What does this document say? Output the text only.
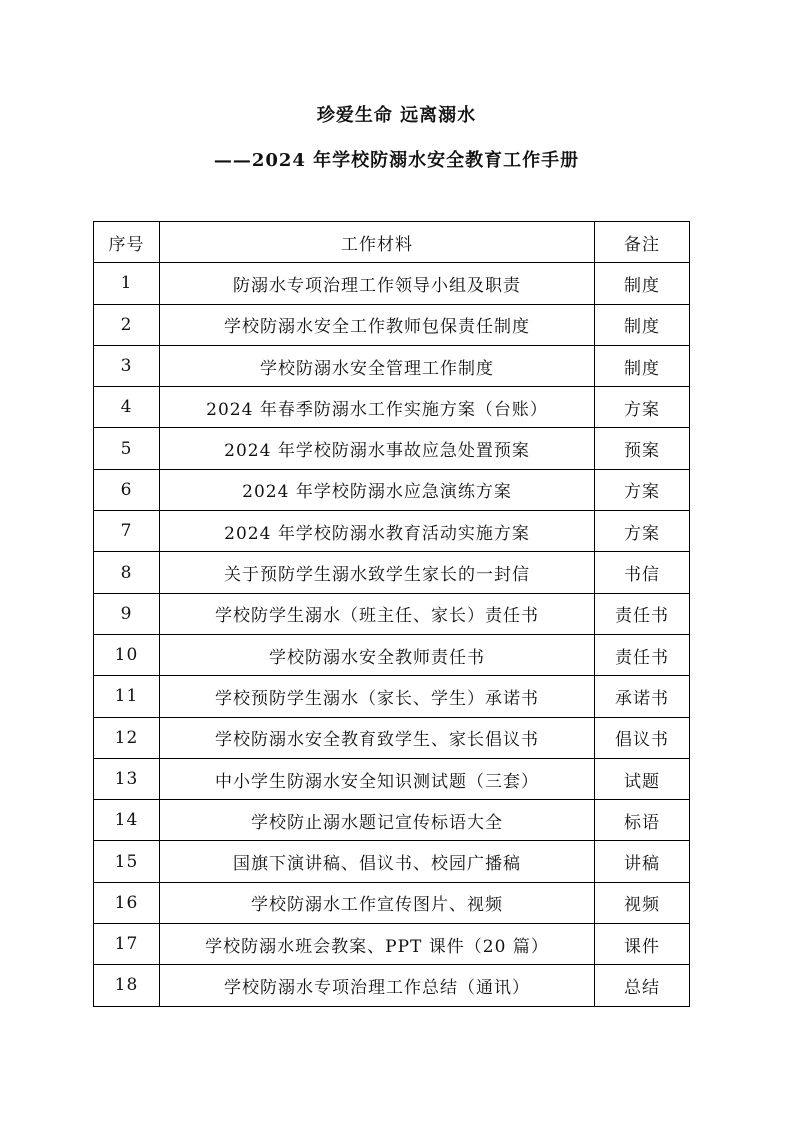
珍爱生命 远离溺水
——2024 年学校防溺水安全教育工作手册
序号	工作材料	备注
1	防溺水专项治理工作领导小组及职责	制度
2	学校防溺水安全工作教师包保责任制度	制度
3	学校防溺水安全管理工作制度	制度
4	2024 年春季防溺水工作实施方案（台账）	方案
5	2024 年学校防溺水事故应急处置预案	预案
6	2024 年学校防溺水应急演练方案	方案
7	2024 年学校防溺水教育活动实施方案	方案
8	关于预防学生溺水致学生家长的一封信	书信
9	学校防学生溺水（班主任、家长）责任书	责任书
10	学校防溺水安全教师责任书	责任书
11	学校预防学生溺水（家长、学生）承诺书	承诺书
12	学校防溺水安全教育致学生、家长倡议书	倡议书
13	中小学生防溺水安全知识测试题（三套）	试题
14	学校防止溺水题记宣传标语大全	标语
15	国旗下演讲稿、倡议书、校园广播稿	讲稿
16	学校防溺水工作宣传图片、视频	视频
17	学校防溺水班会教案、PPT 课件（20 篇）	课件
18	学校防溺水专项治理工作总结（通讯）	总结
